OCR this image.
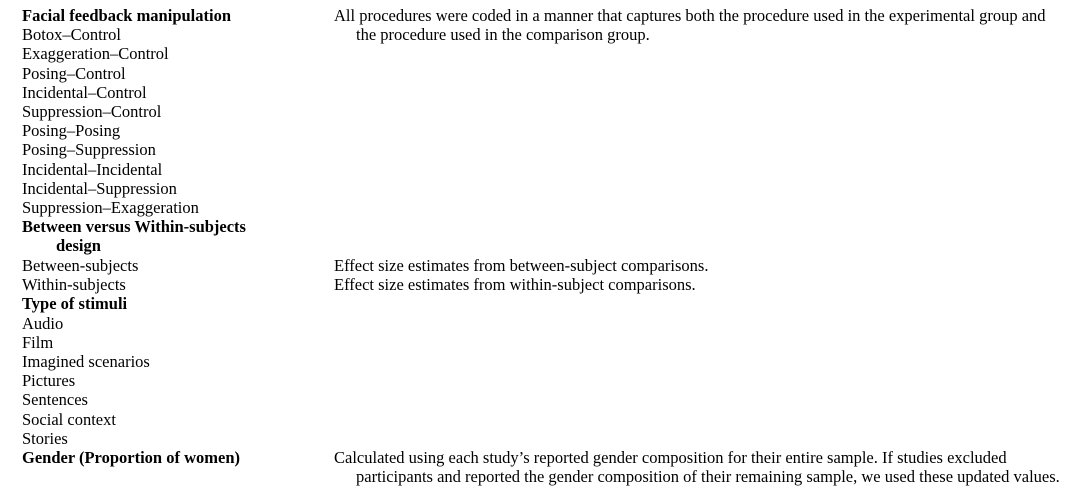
Facial feedback manipulation	All procedures were coded in a manner that captures both the procedure used in the experimental group and
the procedure used in the comparison group.

Botox–Control	
Exaggeration–Control	
Posing–Control	
Incidental–Control	
Suppression–Control	
Posing–Posing	
Posing–Suppression	
Incidental–Incidental	
Incidental–Suppression	
Suppression–Exaggeration	
Between versus Within-subjects
design	

Between-subjects	Effect size estimates from between-subject comparisons.

Within-subjects	Effect size estimates from within-subject comparisons.

Type of stimuli	
Audio	
Film	
Imagined scenarios	
Pictures	
Sentences	
Social context	
Stories	
Gender (Proportion of women)	Calculated using each study’s reported gender composition for their entire sample. If studies excluded
participants and reported the gender composition of their remaining sample, we used these updated values.
